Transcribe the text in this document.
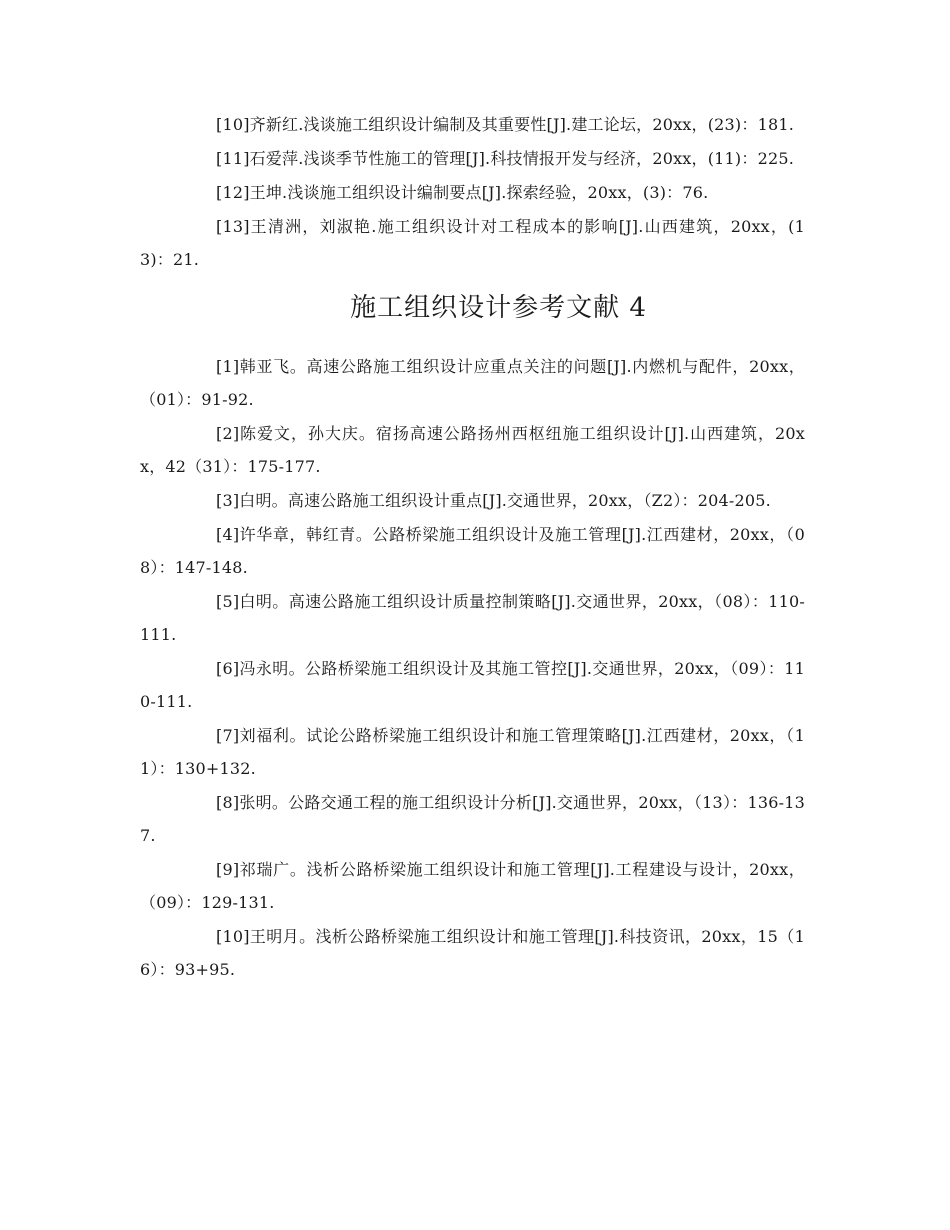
[10]齐新红.浅谈施工组织设计编制及其重要性[J].建工论坛，20xx，(23)：181.

[11]石爱萍.浅谈季节性施工的管理[J].科技情报开发与经济，20xx，(11)：225.

[12]王坤.浅谈施工组织设计编制要点[J].探索经验，20xx，(3)：76.

[13]王清洲，刘淑艳.施工组织设计对工程成本的影响[J].山西建筑，20xx，(13)：21.

施工组织设计参考文献 4

[1]韩亚飞。高速公路施工组织设计应重点关注的问题[J].内燃机与配件，20xx，（01）：91-92.

[2]陈爱文，孙大庆。宿扬高速公路扬州西枢纽施工组织设计[J].山西建筑，20xx，42（31）：175-177.

[3]白明。高速公路施工组织设计重点[J].交通世界，20xx，（Z2）：204-205.

[4]许华章，韩红青。公路桥梁施工组织设计及施工管理[J].江西建材，20xx，（08）：147-148.

[5]白明。高速公路施工组织设计质量控制策略[J].交通世界，20xx，（08）：110-111.

[6]冯永明。公路桥梁施工组织设计及其施工管控[J].交通世界，20xx，（09）：110-111.

[7]刘福利。试论公路桥梁施工组织设计和施工管理策略[J].江西建材，20xx，（11）：130+132.

[8]张明。公路交通工程的施工组织设计分析[J].交通世界，20xx，（13）：136-137.

[9]祁瑞广。浅析公路桥梁施工组织设计和施工管理[J].工程建设与设计，20xx，（09）：129-131.

[10]王明月。浅析公路桥梁施工组织设计和施工管理[J].科技资讯，20xx，15（16）：93+95.
